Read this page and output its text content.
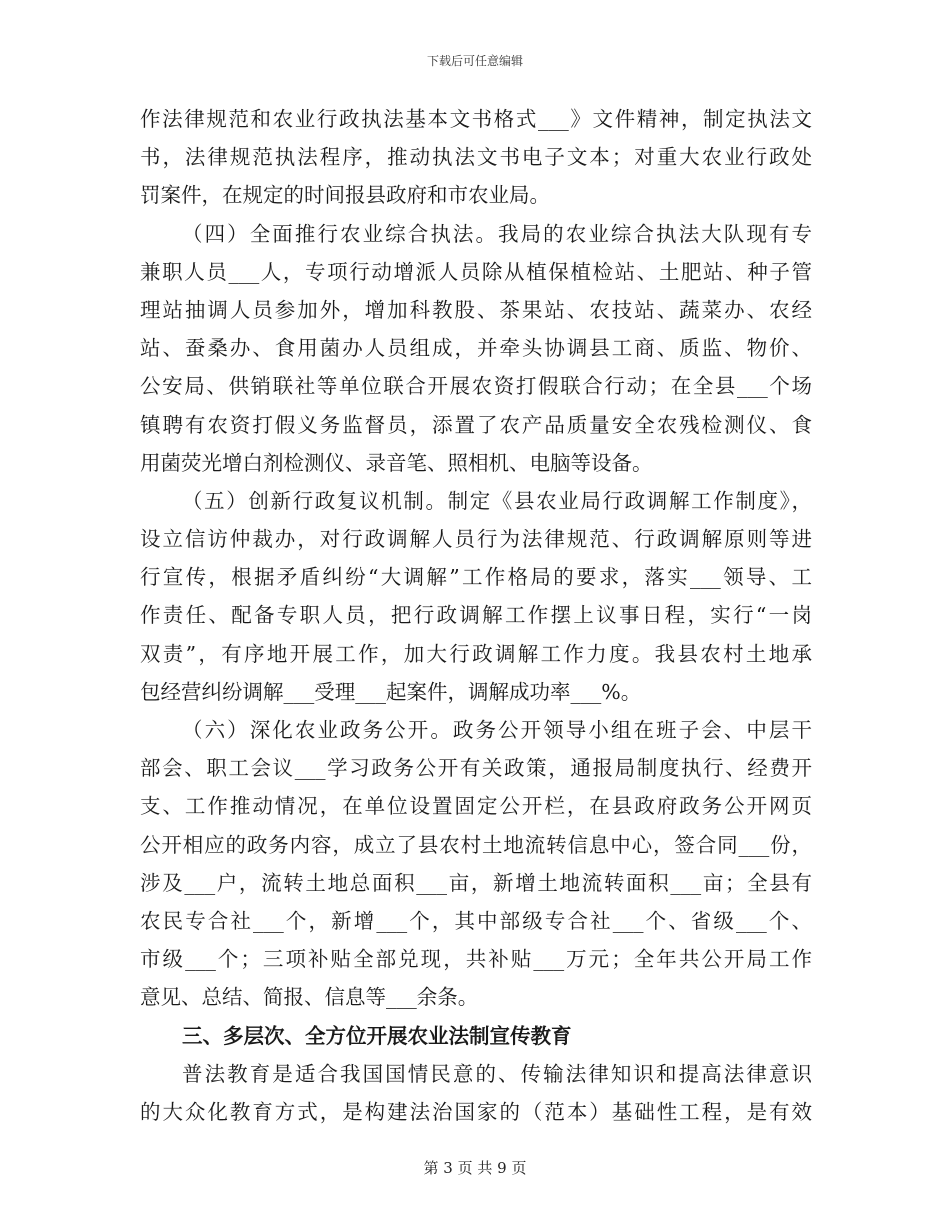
下载后可任意编辑
作法律规范和农业行政执法基本文书格式___》文件精神，制定执法文
书，法律规范执法程序，推动执法文书电子文本；对重大农业行政处
罚案件，在规定的时间报县政府和市农业局。
（四）全面推行农业综合执法。我局的农业综合执法大队现有专
兼职人员___人，专项行动增派人员除从植保植检站、土肥站、种子管
理站抽调人员参加外，增加科教股、茶果站、农技站、蔬菜办、农经
站、蚕桑办、食用菌办人员组成，并牵头协调县工商、质监、物价、
公安局、供销联社等单位联合开展农资打假联合行动；在全县___个场
镇聘有农资打假义务监督员，添置了农产品质量安全农残检测仪、食
用菌荧光增白剂检测仪、录音笔、照相机、电脑等设备。
（五）创新行政复议机制。制定《县农业局行政调解工作制度》，
设立信访仲裁办，对行政调解人员行为法律规范、行政调解原则等进
行宣传，根据矛盾纠纷“大调解”工作格局的要求，落实___领导、工
作责任、配备专职人员，把行政调解工作摆上议事日程，实行“一岗
双责”，有序地开展工作，加大行政调解工作力度。我县农村土地承
包经营纠纷调解___受理___起案件，调解成功率___%。
（六）深化农业政务公开。政务公开领导小组在班子会、中层干
部会、职工会议___学习政务公开有关政策，通报局制度执行、经费开
支、工作推动情况，在单位设置固定公开栏，在县政府政务公开网页
公开相应的政务内容，成立了县农村土地流转信息中心，签合同___份，
涉及___户，流转土地总面积___亩，新增土地流转面积___亩；全县有
农民专合社___个，新增___个，其中部级专合社___个、省级___个、
市级___个；三项补贴全部兑现，共补贴___万元；全年共公开局工作
意见、总结、简报、信息等___余条。
三、多层次、全方位开展农业法制宣传教育
普法教育是适合我国国情民意的、传输法律知识和提高法律意识
的大众化教育方式，是构建法治国家的（范本）基础性工程，是有效
第 3 页 共 9 页
